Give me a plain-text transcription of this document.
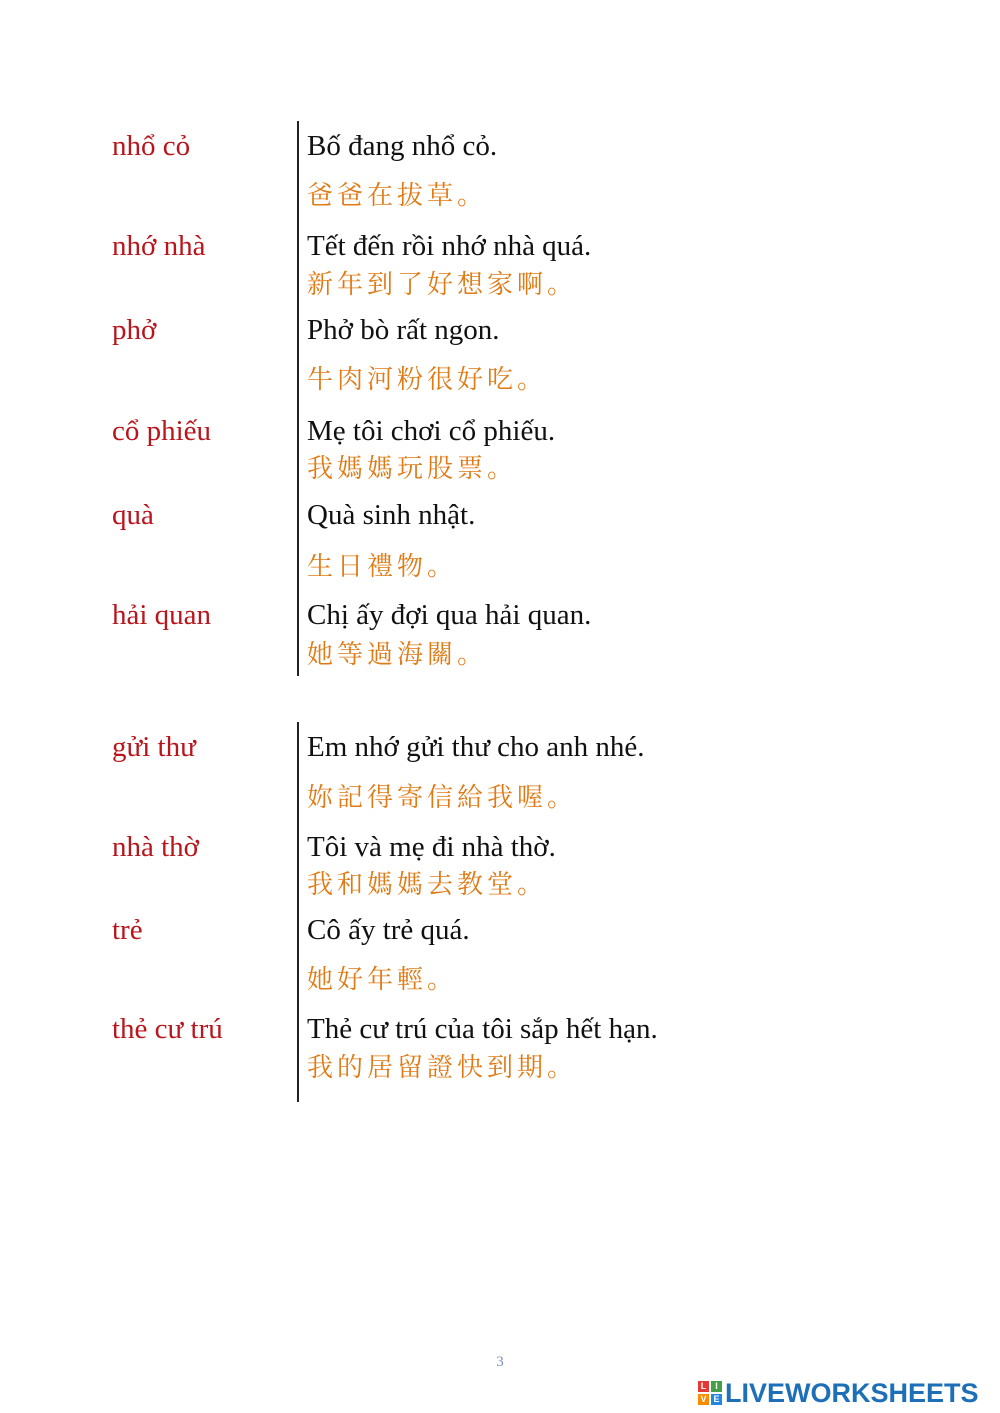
nhổ cỏ	Bố đang nhổ cỏ.
爸爸在拔草。
nhớ nhà	Tết đến rồi nhớ nhà quá.
新年到了好想家啊。
phở	Phở bò rất ngon.
牛肉河粉很好吃。
cổ phiếu	Mẹ tôi chơi cổ phiếu.
我媽媽玩股票。
quà	Quà sinh nhật.
生日禮物。
hải quan	Chị ấy đợi qua hải quan.
她等過海關。
gửi thư	Em nhớ gửi thư cho anh nhé.
妳記得寄信給我喔。
nhà thờ	Tôi và mẹ đi nhà thờ.
我和媽媽去教堂。
trẻ	Cô ấy trẻ quá.
她好年輕。
thẻ cư trú	Thẻ cư trú của tôi sắp hết hạn.
我的居留證快到期。
3
L I
V E LIVEWORKSHEETS
